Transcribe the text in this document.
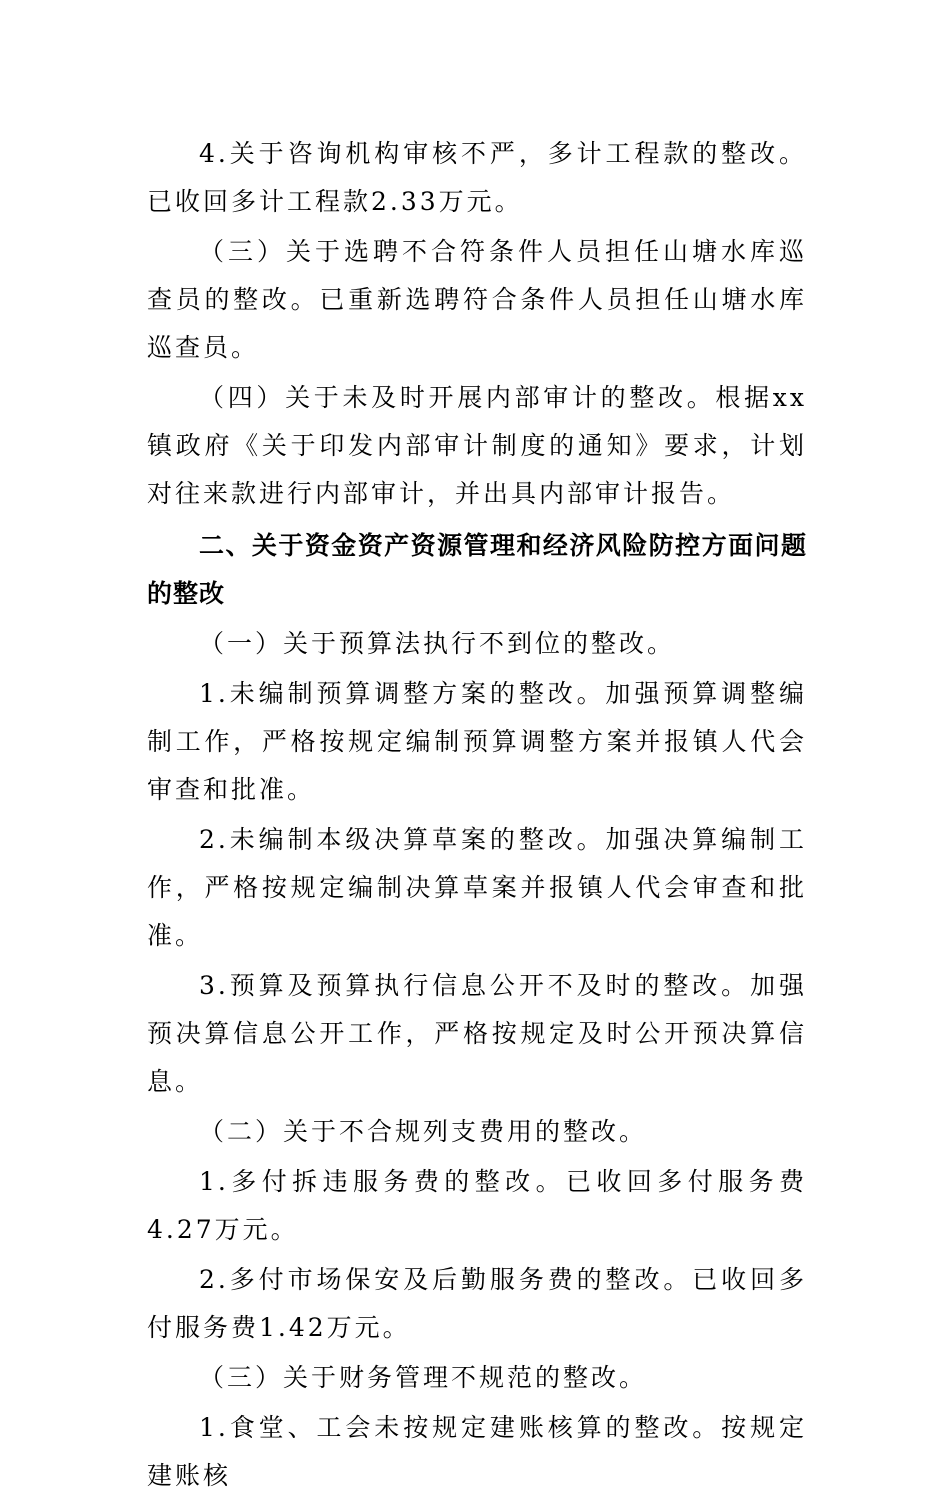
4.关于咨询机构审核不严，多计工程款的整改。已收回多计工程款2.33万元。

（三）关于选聘不合符条件人员担任山塘水库巡查员的整改。已重新选聘符合条件人员担任山塘水库巡查员。

（四）关于未及时开展内部审计的整改。根据xx镇政府《关于印发内部审计制度的通知》要求，计划对往来款进行内部审计，并出具内部审计报告。

二、关于资金资产资源管理和经济风险防控方面问题的整改

（一）关于预算法执行不到位的整改。

1.未编制预算调整方案的整改。加强预算调整编制工作，严格按规定编制预算调整方案并报镇人代会审查和批准。

2.未编制本级决算草案的整改。加强决算编制工作，严格按规定编制决算草案并报镇人代会审查和批准。

3.预算及预算执行信息公开不及时的整改。加强预决算信息公开工作，严格按规定及时公开预决算信息。

（二）关于不合规列支费用的整改。

1.多付拆违服务费的整改。已收回多付服务费4.27万元。

2.多付市场保安及后勤服务费的整改。已收回多付服务费1.42万元。

（三）关于财务管理不规范的整改。

1.食堂、工会未按规定建账核算的整改。按规定建账核
